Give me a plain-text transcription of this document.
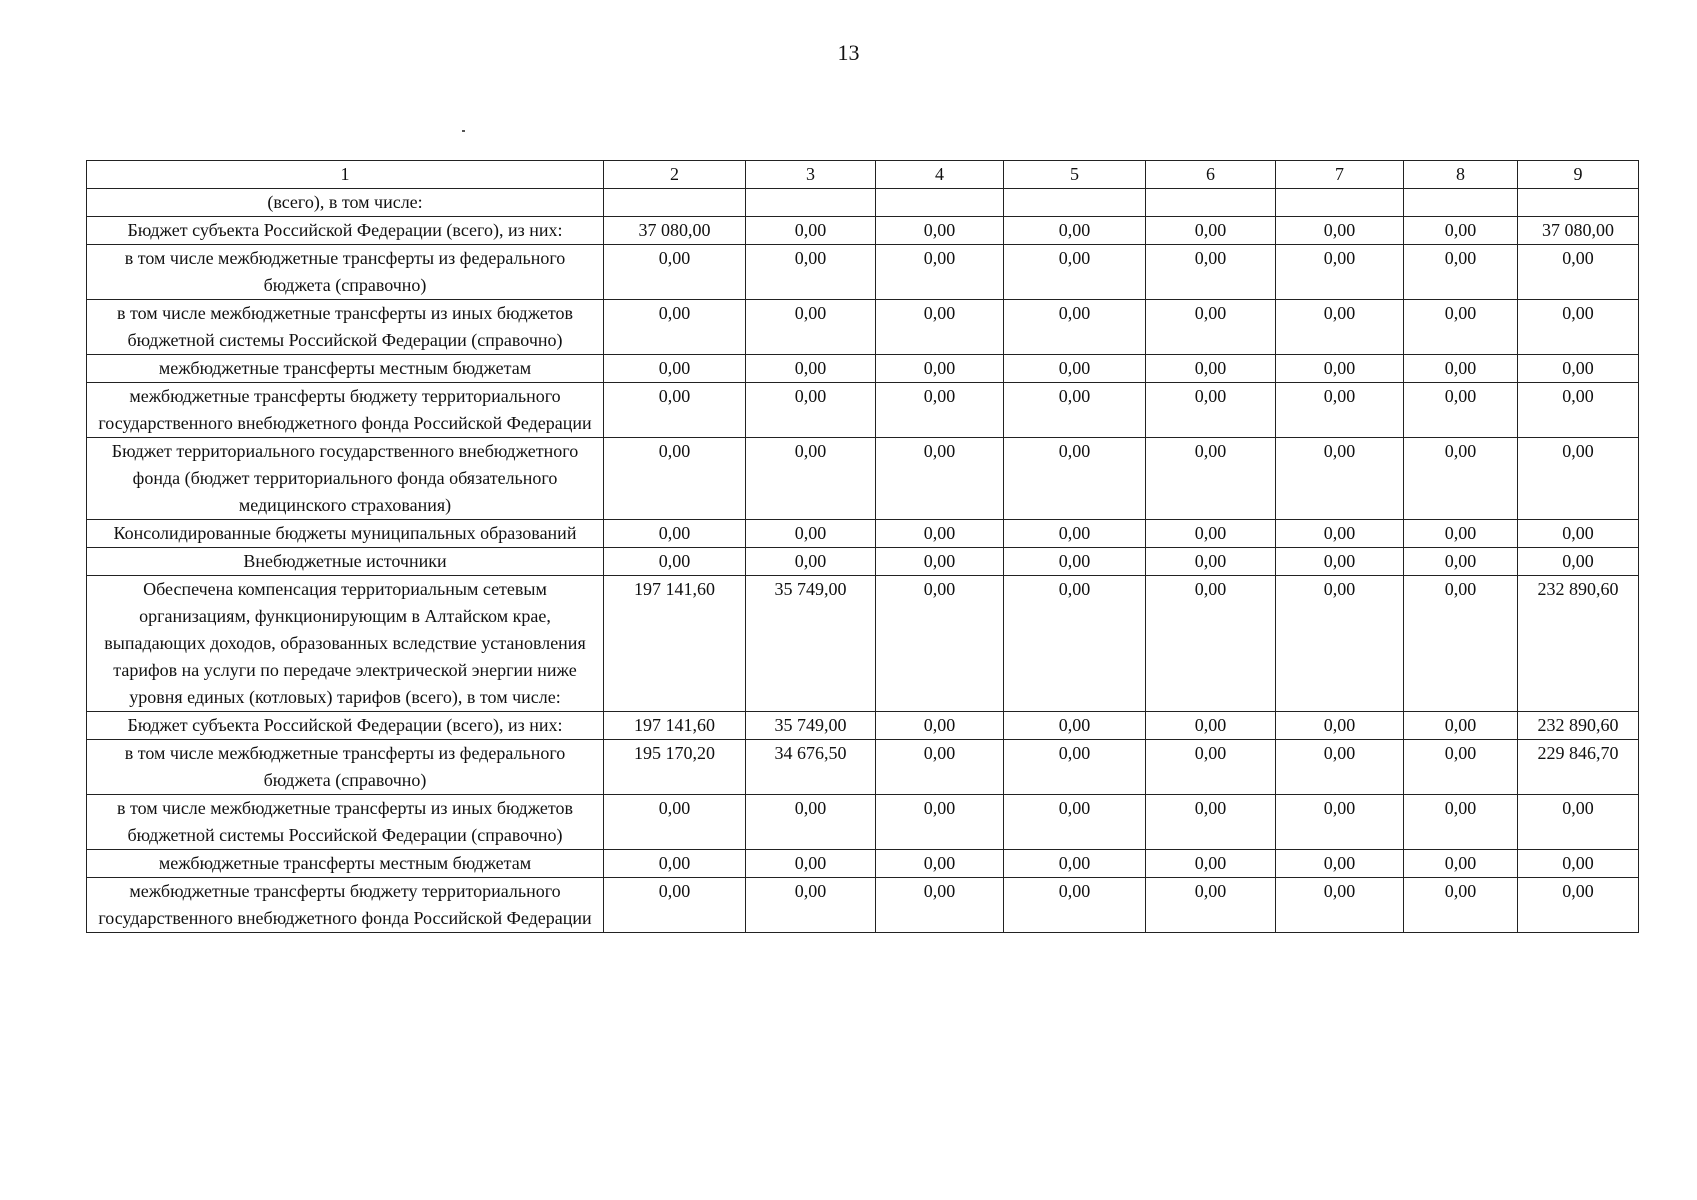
13
1	2	3	4	5	6	7	8	9
(всего), в том числе:								
Бюджет субъекта Российской Федерации (всего), из них:	37 080,00	0,00	0,00	0,00	0,00	0,00	0,00	37 080,00
в том числе межбюджетные трансферты из федерального бюджета (справочно)	0,00	0,00	0,00	0,00	0,00	0,00	0,00	0,00
в том числе межбюджетные трансферты из иных бюджетов бюджетной системы Российской Федерации (справочно)	0,00	0,00	0,00	0,00	0,00	0,00	0,00	0,00
межбюджетные трансферты местным бюджетам	0,00	0,00	0,00	0,00	0,00	0,00	0,00	0,00
межбюджетные трансферты бюджету территориального государственного внебюджетного фонда Российской Федерации	0,00	0,00	0,00	0,00	0,00	0,00	0,00	0,00
Бюджет территориального государственного внебюджетного фонда (бюджет территориального фонда обязательного медицинского страхования)	0,00	0,00	0,00	0,00	0,00	0,00	0,00	0,00
Консолидированные бюджеты муниципальных образований	0,00	0,00	0,00	0,00	0,00	0,00	0,00	0,00
Внебюджетные источники	0,00	0,00	0,00	0,00	0,00	0,00	0,00	0,00
Обеспечена компенсация территориальным сетевым организациям, функционирующим в Алтайском крае, выпадающих доходов, образованных вследствие установления тарифов на услуги по передаче электрической энергии ниже уровня единых (котловых) тарифов (всего), в том числе:	197 141,60	35 749,00	0,00	0,00	0,00	0,00	0,00	232 890,60
Бюджет субъекта Российской Федерации (всего), из них:	197 141,60	35 749,00	0,00	0,00	0,00	0,00	0,00	232 890,60
в том числе межбюджетные трансферты из федерального бюджета (справочно)	195 170,20	34 676,50	0,00	0,00	0,00	0,00	0,00	229 846,70
в том числе межбюджетные трансферты из иных бюджетов бюджетной системы Российской Федерации (справочно)	0,00	0,00	0,00	0,00	0,00	0,00	0,00	0,00
межбюджетные трансферты местным бюджетам	0,00	0,00	0,00	0,00	0,00	0,00	0,00	0,00
межбюджетные трансферты бюджету территориального государственного внебюджетного фонда Российской Федерации	0,00	0,00	0,00	0,00	0,00	0,00	0,00	0,00
